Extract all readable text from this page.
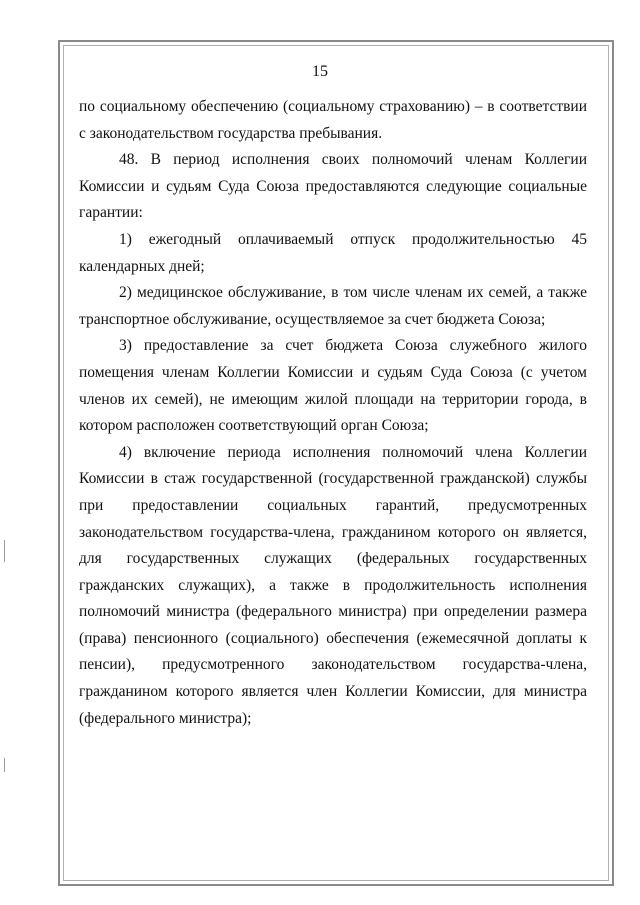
15

по социальному обеспечению (социальному страхованию) – в соответствии с законодательством государства пребывания.

48. В период исполнения своих полномочий членам Коллегии Комиссии и судьям Суда Союза предоставляются следующие социальные гарантии:

1) ежегодный оплачиваемый отпуск продолжительностью 45 календарных дней;

2) медицинское обслуживание, в том числе членам их семей, а также транспортное обслуживание, осуществляемое за счет бюджета Союза;

3) предоставление за счет бюджета Союза служебного жилого помещения членам Коллегии Комиссии и судьям Суда Союза (с учетом членов их семей), не имеющим жилой площади на территории города, в котором расположен соответствующий орган Союза;

4) включение периода исполнения полномочий члена Коллегии Комиссии в стаж государственной (государственной гражданской) службы при предоставлении социальных гарантий, предусмотренных законодательством государства-члена, гражданином которого он является, для государственных служащих (федеральных государственных гражданских служащих), а также в продолжительность исполнения полномочий министра (федерального министра) при определении размера (права) пенсионного (социального) обеспечения (ежемесячной доплаты к пенсии), предусмотренного законодательством государства-члена, гражданином которого является член Коллегии Комиссии, для министра (федерального министра);
